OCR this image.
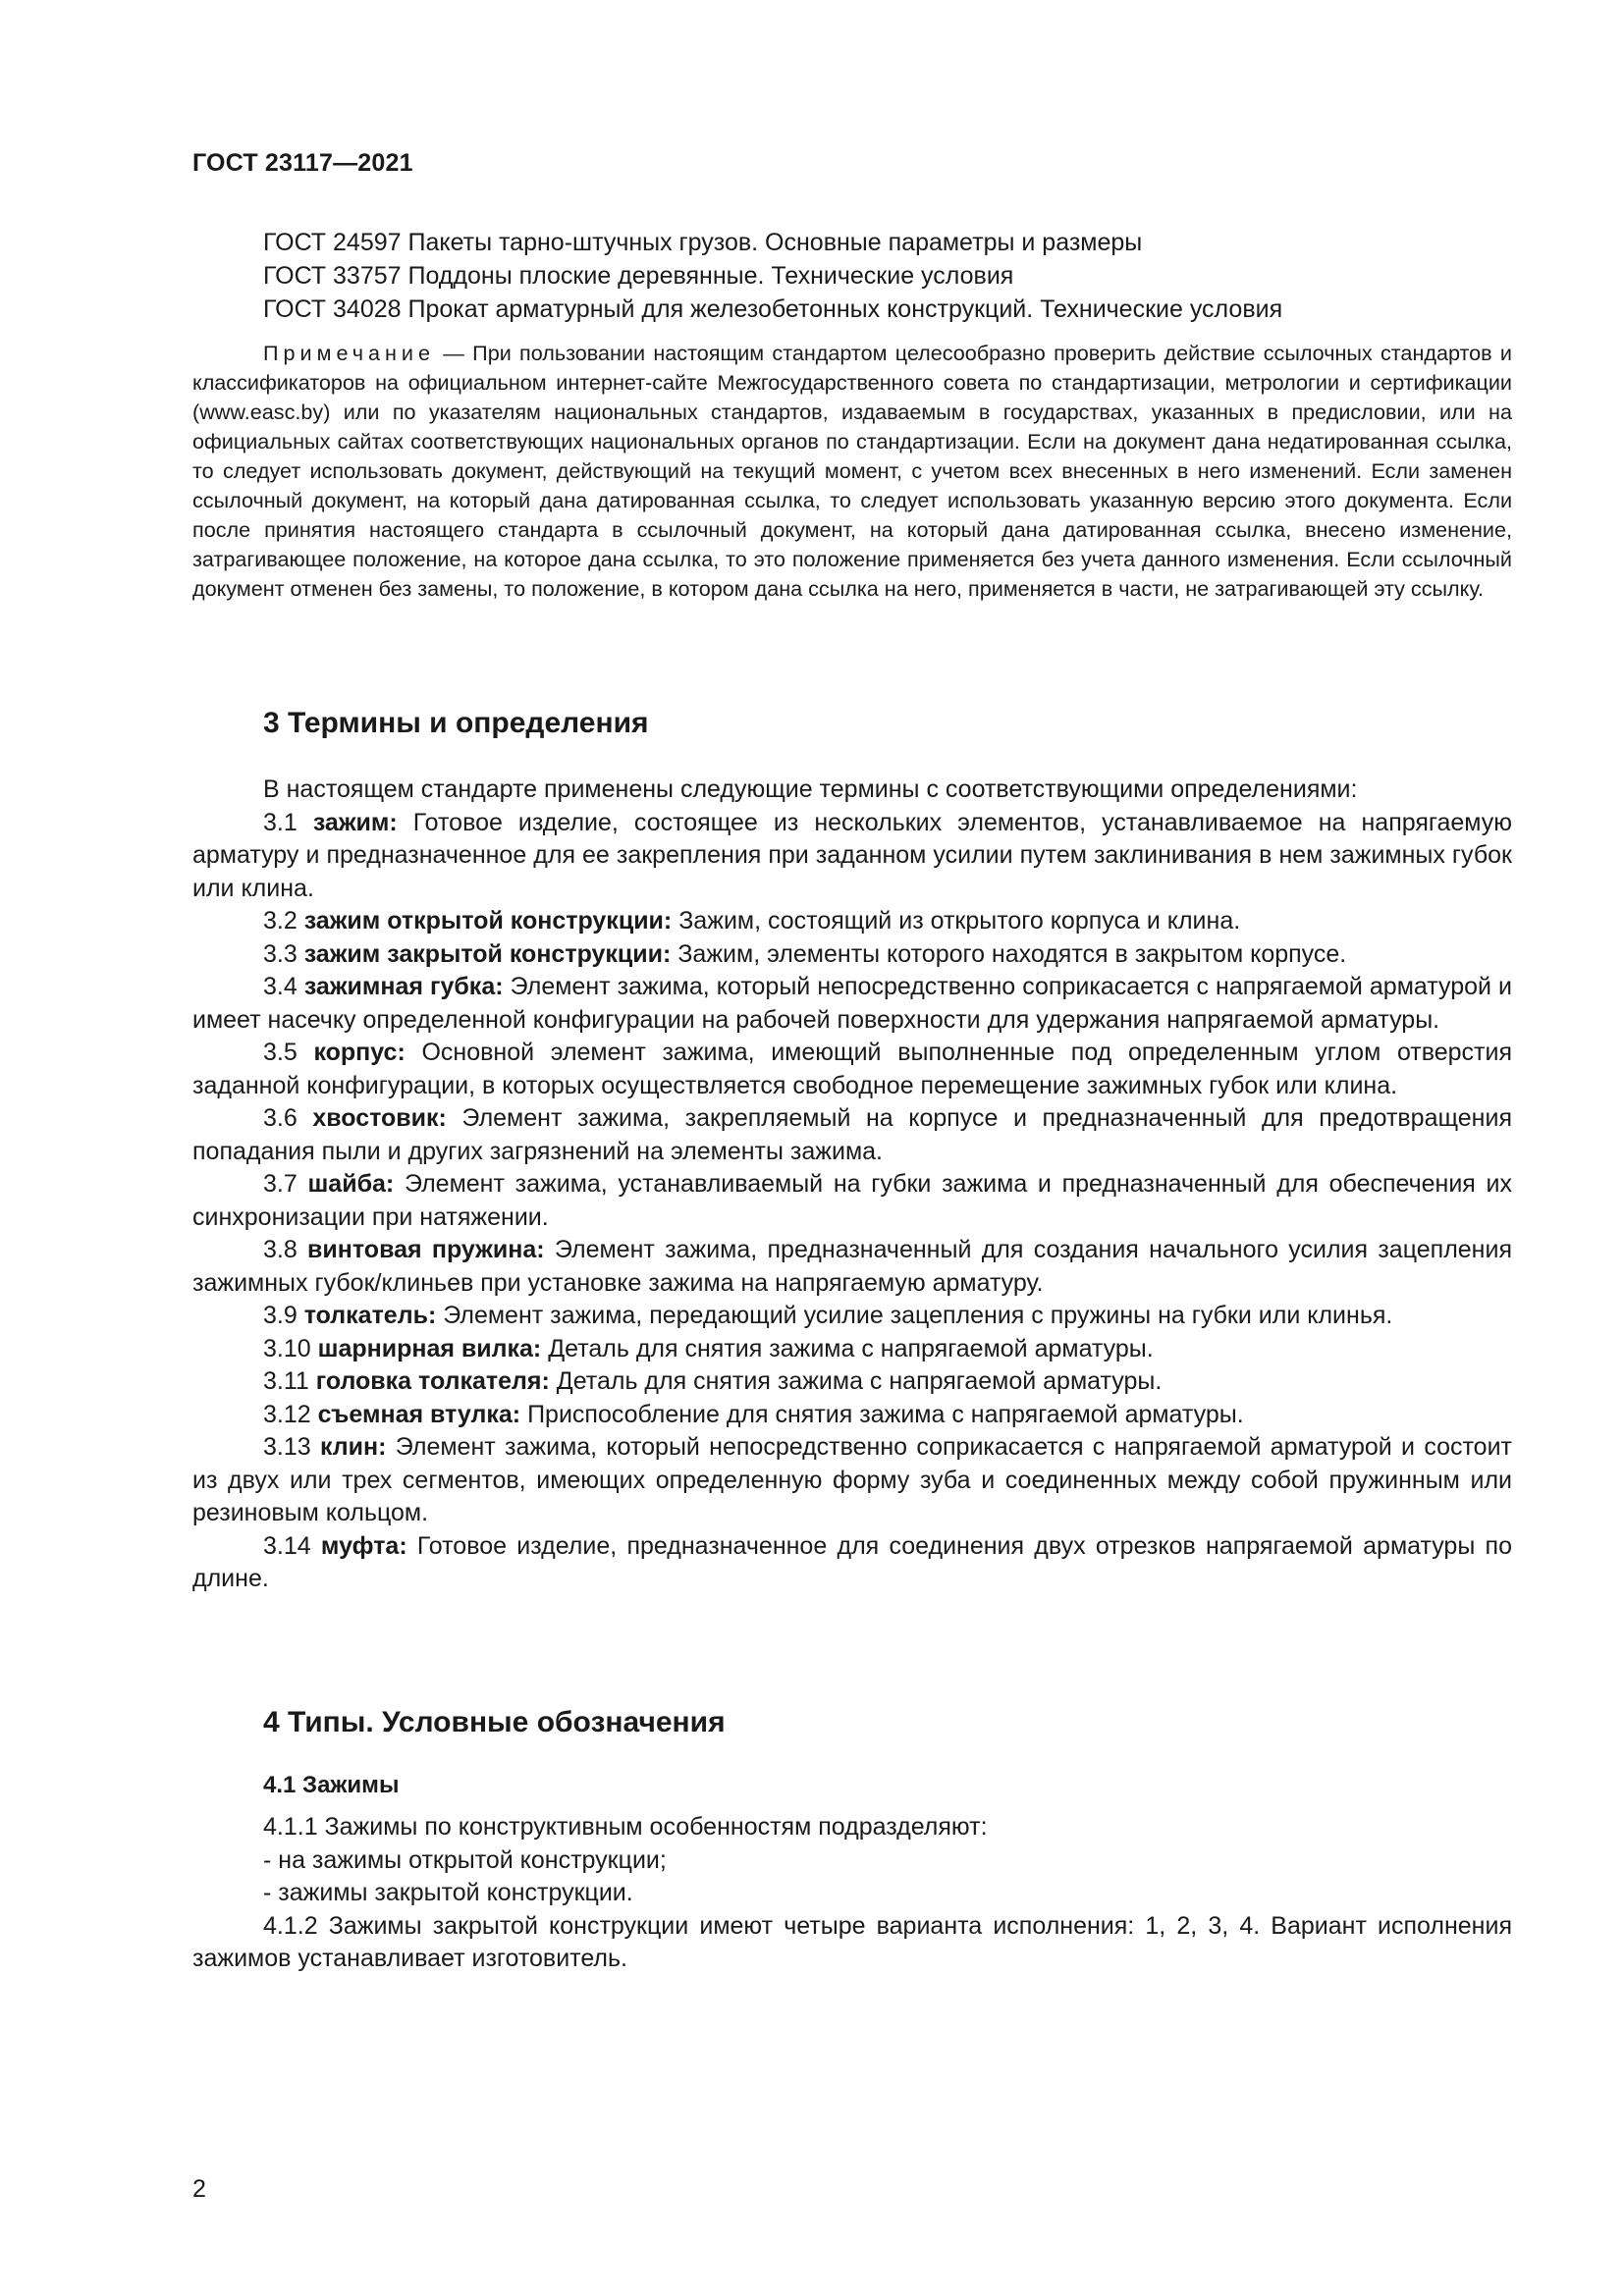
ГОСТ 23117—2021

ГОСТ 24597 Пакеты тарно-штучных грузов. Основные параметры и размеры

ГОСТ 33757 Поддоны плоские деревянные. Технические условия

ГОСТ 34028 Прокат арматурный для железобетонных конструкций. Технические условия

Примечание — При пользовании настоящим стандартом целесообразно проверить действие ссылочных стандартов и классификаторов на официальном интернет-сайте Межгосударственного совета по стандартизации, метрологии и сертификации (www.easc.by) или по указателям национальных стандартов, издаваемым в государствах, указанных в предисловии, или на официальных сайтах соответствующих национальных органов по стандартизации. Если на документ дана недатированная ссылка, то следует использовать документ, действующий на текущий момент, с учетом всех внесенных в него изменений. Если заменен ссылочный документ, на который дана датированная ссылка, то следует использовать указанную версию этого документа. Если после принятия настоящего стандарта в ссылочный документ, на который дана датированная ссылка, внесено изменение, затрагивающее положение, на которое дана ссылка, то это положение применяется без учета данного изменения. Если ссылочный документ отменен без замены, то положение, в котором дана ссылка на него, применяется в части, не затрагивающей эту ссылку.

3 Термины и определения

В настоящем стандарте применены следующие термины с соответствующими определениями:

3.1 зажим: Готовое изделие, состоящее из нескольких элементов, устанавливаемое на напрягаемую арматуру и предназначенное для ее закрепления при заданном усилии путем заклинивания в нем зажимных губок или клина.

3.2 зажим открытой конструкции: Зажим, состоящий из открытого корпуса и клина.

3.3 зажим закрытой конструкции: Зажим, элементы которого находятся в закрытом корпусе.

3.4 зажимная губка: Элемент зажима, который непосредственно соприкасается с напрягаемой арматурой и имеет насечку определенной конфигурации на рабочей поверхности для удержания напрягаемой арматуры.

3.5 корпус: Основной элемент зажима, имеющий выполненные под определенным углом отверстия заданной конфигурации, в которых осуществляется свободное перемещение зажимных губок или клина.

3.6 хвостовик: Элемент зажима, закрепляемый на корпусе и предназначенный для предотвращения попадания пыли и других загрязнений на элементы зажима.

3.7 шайба: Элемент зажима, устанавливаемый на губки зажима и предназначенный для обеспечения их синхронизации при натяжении.

3.8 винтовая пружина: Элемент зажима, предназначенный для создания начального усилия зацепления зажимных губок/клиньев при установке зажима на напрягаемую арматуру.

3.9 толкатель: Элемент зажима, передающий усилие зацепления с пружины на губки или клинья.

3.10 шарнирная вилка: Деталь для снятия зажима с напрягаемой арматуры.

3.11 головка толкателя: Деталь для снятия зажима с напрягаемой арматуры.

3.12 съемная втулка: Приспособление для снятия зажима с напрягаемой арматуры.

3.13 клин: Элемент зажима, который непосредственно соприкасается с напрягаемой арматурой и состоит из двух или трех сегментов, имеющих определенную форму зуба и соединенных между собой пружинным или резиновым кольцом.

3.14 муфта: Готовое изделие, предназначенное для соединения двух отрезков напрягаемой арматуры по длине.

4 Типы. Условные обозначения
4.1 Зажимы

4.1.1 Зажимы по конструктивным особенностям подразделяют:

- на зажимы открытой конструкции;

- зажимы закрытой конструкции.

4.1.2 Зажимы закрытой конструкции имеют четыре варианта исполнения: 1, 2, 3, 4. Вариант исполнения зажимов устанавливает изготовитель.

2
